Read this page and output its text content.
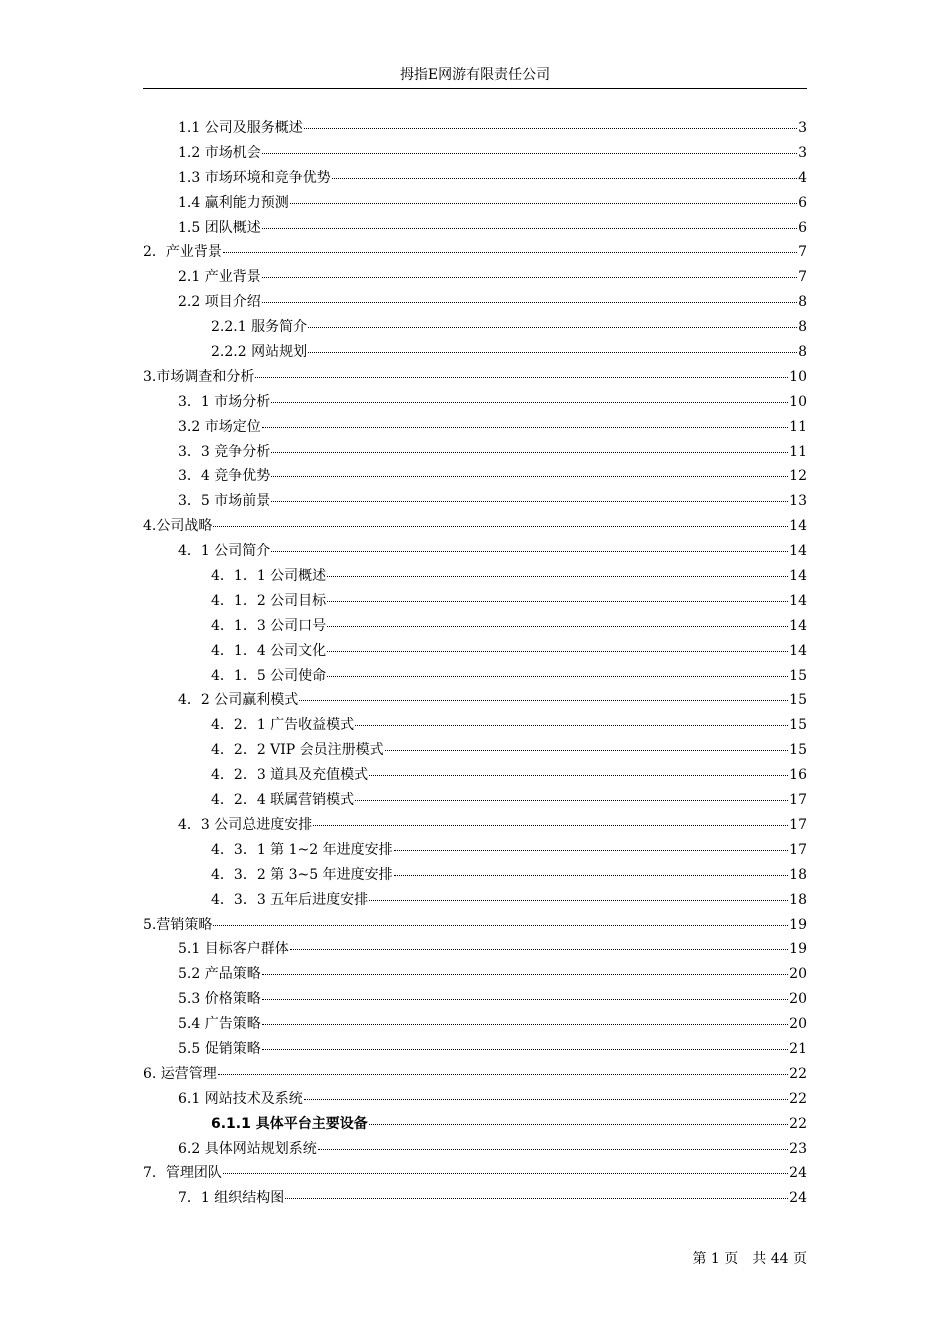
拇指E网游有限责任公司
1.1 公司及服务概述	3
1.2 市场机会	3
1.3 市场环境和竞争优势	4
1.4 赢利能力预测	6
1.5 团队概述	6
2．产业背景	7
2.1 产业背景	7
2.2 项目介绍	8
2.2.1 服务简介	8
2.2.2 网站规划	8
3.市场调查和分析	10
3．1 市场分析	10
3.2 市场定位	11
3．3 竞争分析	11
3．4 竞争优势	12
3．5 市场前景	13
4.公司战略	14
4．1 公司简介	14
4．1．1 公司概述	14
4．1．2 公司目标	14
4．1．3 公司口号	14
4．1．4 公司文化	14
4．1．5 公司使命	15
4．2 公司赢利模式	15
4．2．1 广告收益模式	15
4．2．2 VIP 会员注册模式	15
4．2．3 道具及充值模式	16
4．2．4 联属营销模式	17
4．3 公司总进度安排	17
4．3．1 第 1~2 年进度安排	17
4．3．2 第 3~5 年进度安排	18
4．3．3 五年后进度安排	18
5.营销策略	19
5.1 目标客户群体	19
5.2 产品策略	20
5.3 价格策略	20
5.4 广告策略	20
5.5 促销策略	21
6. 运营管理	22
6.1 网站技术及系统	22
6.1.1 具体平台主要设备	22
6.2 具体网站规划系统	23
7．管理团队	24
7．1 组织结构图	24
第 1 页　共 44 页
